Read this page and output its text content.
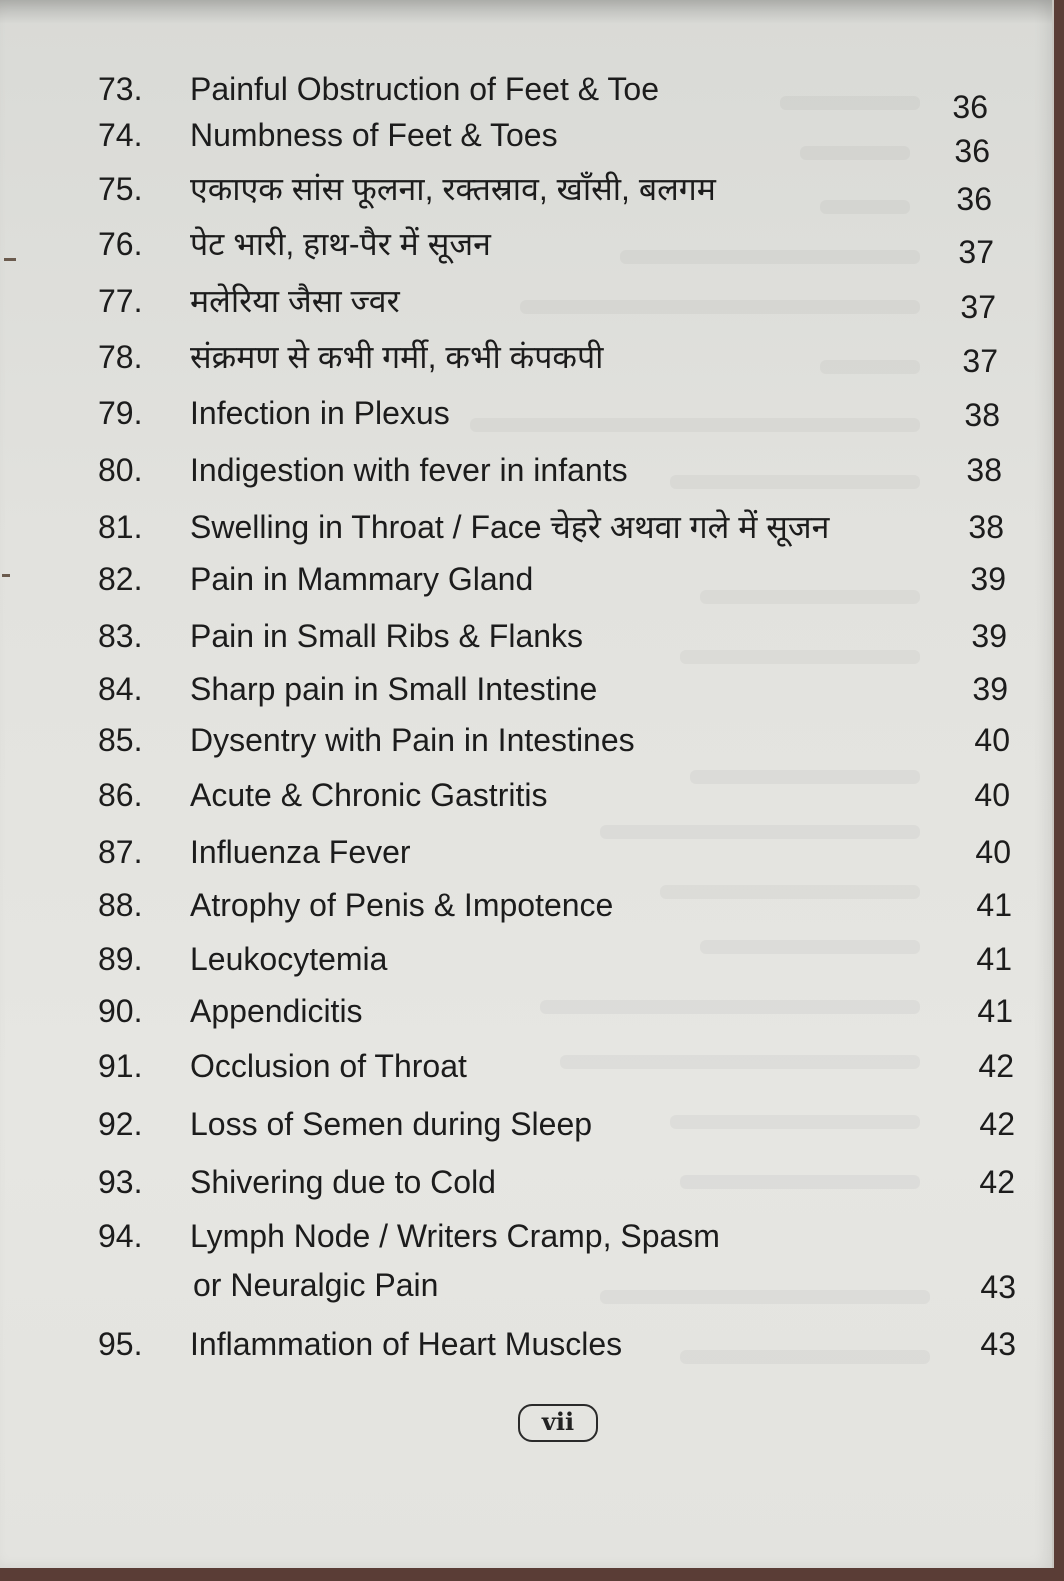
73.	Painful Obstruction of Feet & Toe	36
74.	Numbness of Feet & Toes	36
75.	एकाएक सांस फूलना, रक्तस्राव, खाँसी, बलगम	36
76.	पेट भारी, हाथ-पैर में सूजन	37
77.	मलेरिया जैसा ज्वर	37
78.	संक्रमण से कभी गर्मी, कभी कंपकपी	37
79.	Infection in Plexus	38
80.	Indigestion with fever in infants	38
81.	Swelling in Throat / Face चेहरे अथवा गले में सूजन	38
82.	Pain in Mammary Gland	39
83.	Pain in Small Ribs & Flanks	39
84.	Sharp pain in Small Intestine	39
85.	Dysentry with Pain in Intestines	40
86.	Acute & Chronic Gastritis	40
87.	Influenza Fever	40
88.	Atrophy of Penis & Impotence	41
89.	Leukocytemia	41
90.	Appendicitis	41
91.	Occlusion of Throat	42
92.	Loss of Semen during Sleep	42
93.	Shivering due to Cold	42
94.	Lymph Node / Writers Cramp, Spasm
or Neuralgic Pain	43
95.	Inflammation of Heart Muscles	43
vii
